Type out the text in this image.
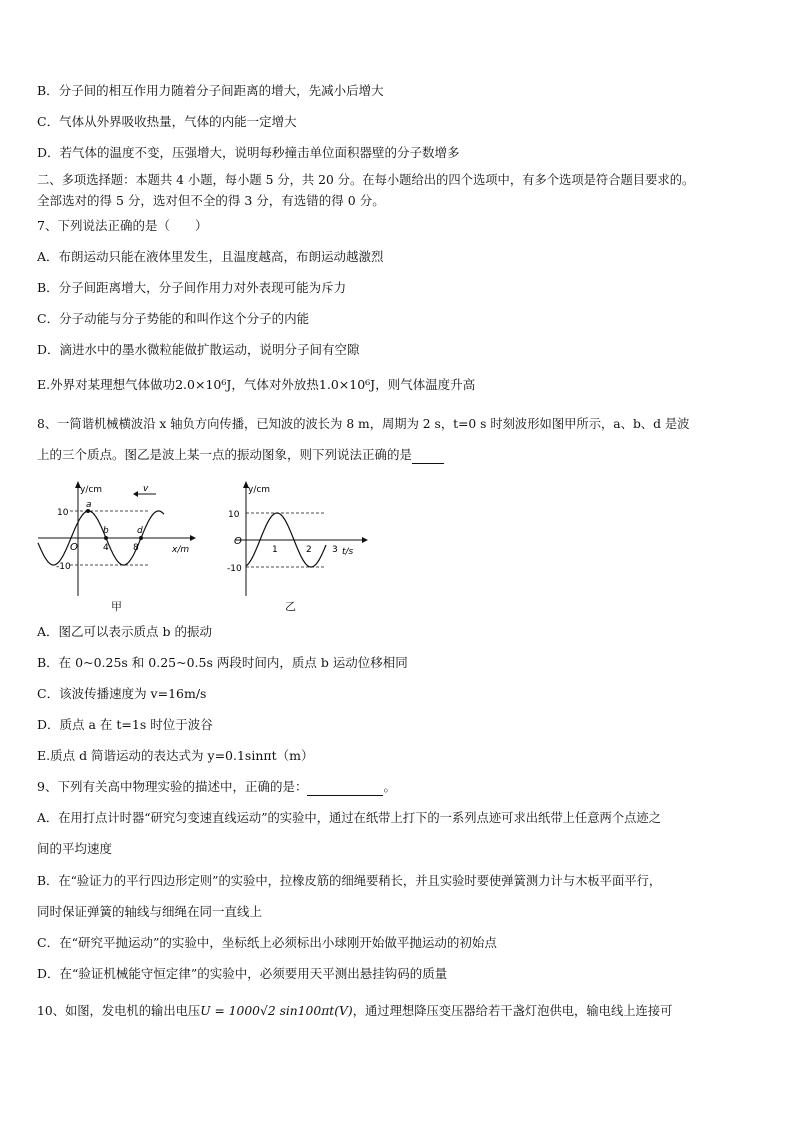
B．分子间的相互作用力随着分子间距离的增大，先减小后增大
C．气体从外界吸收热量，气体的内能一定增大
D．若气体的温度不变，压强增大，说明每秒撞击单位面积器壁的分子数增多
二、多项选择题：本题共 4 小题，每小题 5 分，共 20 分。在每小题给出的四个选项中，有多个选项是符合题目要求的。
全部选对的得 5 分，选对但不全的得 3 分，有选错的得 0 分。
7、下列说法正确的是（　　）
A．布朗运动只能在液体里发生，且温度越高，布朗运动越激烈
B．分子间距离增大，分子间作用力对外表现可能为斥力
C．分子动能与分子势能的和叫作这个分子的内能
D．滴进水中的墨水微粒能做扩散运动，说明分子间有空隙
E.外界对某理想气体做功2.0×10⁶J，气体对外放热1.0×10⁶J，则气体温度升高
8、一简谐机械横波沿 x 轴负方向传播，已知波的波长为 8 m，周期为 2 s，t=0 s 时刻波形如图甲所示，a、b、d 是波
上的三个质点。图乙是波上某一点的振动图象，则下列说法正确的是
y/cm
x/m
O
10
-10
4	8
a
b	d
v
甲
y/cm
t/s
O
10
-10
1	2 3
乙
A．图乙可以表示质点 b 的振动
B．在 0~0.25s 和 0.25~0.5s 两段时间内，质点 b 运动位移相同
C．该波传播速度为 v=16m/s
D．质点 a 在 t=1s 时位于波谷
E.质点 d 简谐运动的表达式为 y=0.1sinπt（m）
9、下列有关高中物理实验的描述中，正确的是：	。
A．在用打点计时器“研究匀变速直线运动”的实验中，通过在纸带上打下的一系列点迹可求出纸带上任意两个点迹之
间的平均速度
B．在“验证力的平行四边形定则”的实验中，拉橡皮筋的细绳要稍长，并且实验时要使弹簧测力计与木板平面平行，
同时保证弹簧的轴线与细绳在同一直线上
C．在“研究平抛运动”的实验中，坐标纸上必须标出小球刚开始做平抛运动的初始点
D．在“验证机械能守恒定律”的实验中，必须要用天平测出悬挂钩码的质量
10、如图，发电机的输出电压U = 1000√2 sin100πt(V)，通过理想降压变压器给若干盏灯泡供电，输电线上连接可
